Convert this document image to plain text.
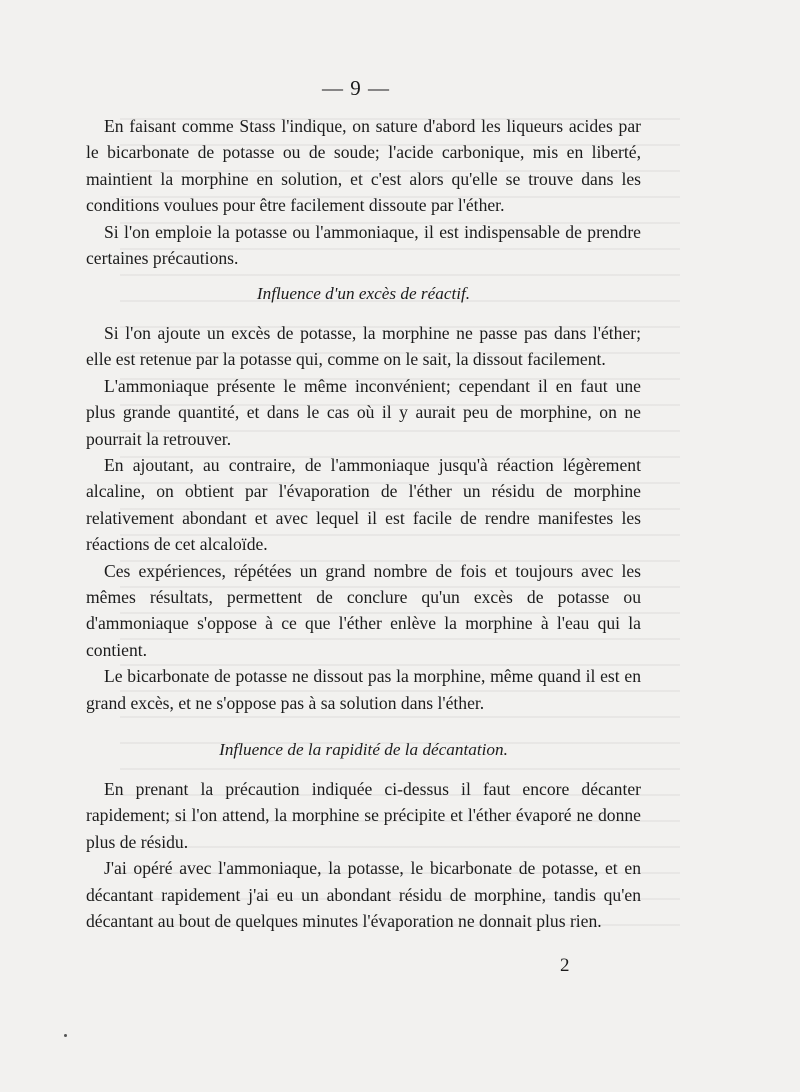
— 9 —

En faisant comme Stass l'indique, on sature d'abord les liqueurs acides par le bicarbonate de potasse ou de soude; l'acide carbonique, mis en liberté, maintient la morphine en solution, et c'est alors qu'elle se trouve dans les conditions voulues pour être facilement dissoute par l'éther.

Si l'on emploie la potasse ou l'ammoniaque, il est indispensable de prendre certaines précautions.

Influence d'un excès de réactif.

Si l'on ajoute un excès de potasse, la morphine ne passe pas dans l'éther; elle est retenue par la potasse qui, comme on le sait, la dissout facilement.

L'ammoniaque présente le même inconvénient; cependant il en faut une plus grande quantité, et dans le cas où il y aurait peu de morphine, on ne pourrait la retrouver.

En ajoutant, au contraire, de l'ammoniaque jusqu'à réaction légèrement alcaline, on obtient par l'évaporation de l'éther un résidu de morphine relativement abondant et avec lequel il est facile de rendre manifestes les réactions de cet alcaloïde.

Ces expériences, répétées un grand nombre de fois et toujours avec les mêmes résultats, permettent de conclure qu'un excès de potasse ou d'ammoniaque s'oppose à ce que l'éther enlève la morphine à l'eau qui la contient.

Le bicarbonate de potasse ne dissout pas la morphine, même quand il est en grand excès, et ne s'oppose pas à sa solution dans l'éther.

Influence de la rapidité de la décantation.

En prenant la précaution indiquée ci-dessus il faut encore décanter rapidement; si l'on attend, la morphine se précipite et l'éther évaporé ne donne plus de résidu.

J'ai opéré avec l'ammoniaque, la potasse, le bicarbonate de potasse, et en décantant rapidement j'ai eu un abondant résidu de morphine, tandis qu'en décantant au bout de quelques minutes l'évaporation ne donnait plus rien.

2
